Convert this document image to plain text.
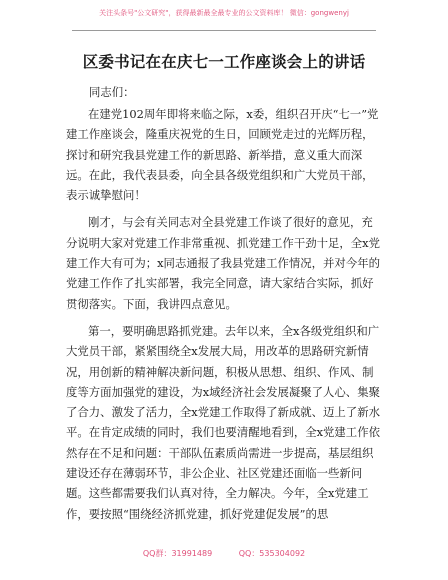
关注头条号"公文研究"，获得最新最全最专业的公文资料库！ 微信：gongwenyj
区委书记在在庆七一工作座谈会上的讲话
同志们：

在建党102周年即将来临之际，x委，组织召开庆“七一”党建工作座谈会，隆重庆祝党的生日，回顾党走过的光辉历程，探讨和研究我县党建工作的新思路、新举措，意义重大而深远。在此，我代表县委，向全县各级党组织和广大党员干部，表示诚挚慰问！

刚才，与会有关同志对全县党建工作谈了很好的意见，充分说明大家对党建工作非常重视、抓党建工作干劲十足，全x党建工作大有可为；x同志通报了我县党建工作情况，并对今年的党建工作作了扎实部署，我完全同意，请大家结合实际，抓好贯彻落实。下面，我讲四点意见。

第一，要明确思路抓党建。去年以来，全x各级党组织和广大党员干部，紧紧围绕全x发展大局，用改革的思路研究新情况，用创新的精神解决新问题，积极从思想、组织、作风、制度等方面加强党的建设，为x域经济社会发展凝聚了人心、集聚了合力、激发了活力，全x党建工作取得了新成就、迈上了新水平。在肯定成绩的同时，我们也要清醒地看到，全x党建工作依然存在不足和问题：干部队伍素质尚需进一步提高，基层组织建设还存在薄弱环节，非公企业、社区党建还面临一些新问题。这些都需要我们认真对待，全力解决。今年，全x党建工作，要按照“围绕经济抓党建，抓好党建促发展”的思

QQ群：31991489	QQ：535304092
